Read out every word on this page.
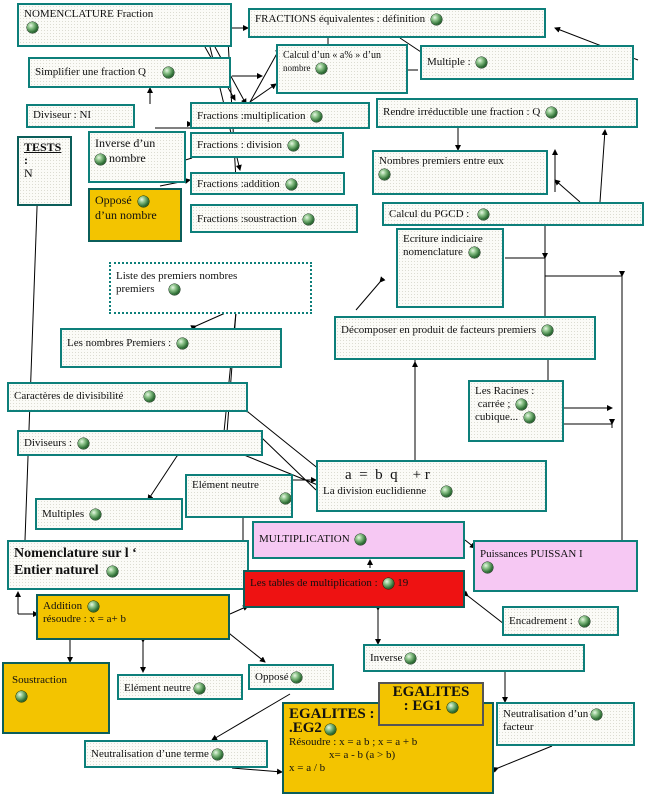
NOMENCLATURE Fraction	FRACTIONS équivalentes : définition
Simplifier une fraction Q
Calcul d’un « a% » d’un
nombre	Multiple :
Diviseur : NI	Fractions :multiplication	Rendre irréductible une fraction : Q
TESTS
:
N
Inverse d’un
nombre
Fractions : division
Nombres premiers entre eux

Opposé
d’un nombre
Fractions :addition
Fractions :soustraction	Calcul du PGCD :
Ecriture indiciaire
nomenclature
Liste des premiers nombres
premiers
Décomposer en produit de facteurs premiers
Les nombres Premiers :
Les Racines :
carrée ;
cubique...
Caractères de divisibilité
Diviseurs :
a  =  b  q    + r
La division euclidienne
Elément neutre

Multiples
MULTIPLICATION
Puissances PUISSAN I

Nomenclature sur l ‘
Entier naturel
Les tables de multiplication : 19
Addition
résoudre : x = a+ b	Encadrement :
Inverse
Soustraction

Elément neutre
Opposé
EGALITES :
.EG2
Résoudre : x = a b ; x = a + b
x= a - b (a > b)
x = a / b
EGALITES
: EG1	Neutralisation d’un
facteur
Neutralisation d’une terme
